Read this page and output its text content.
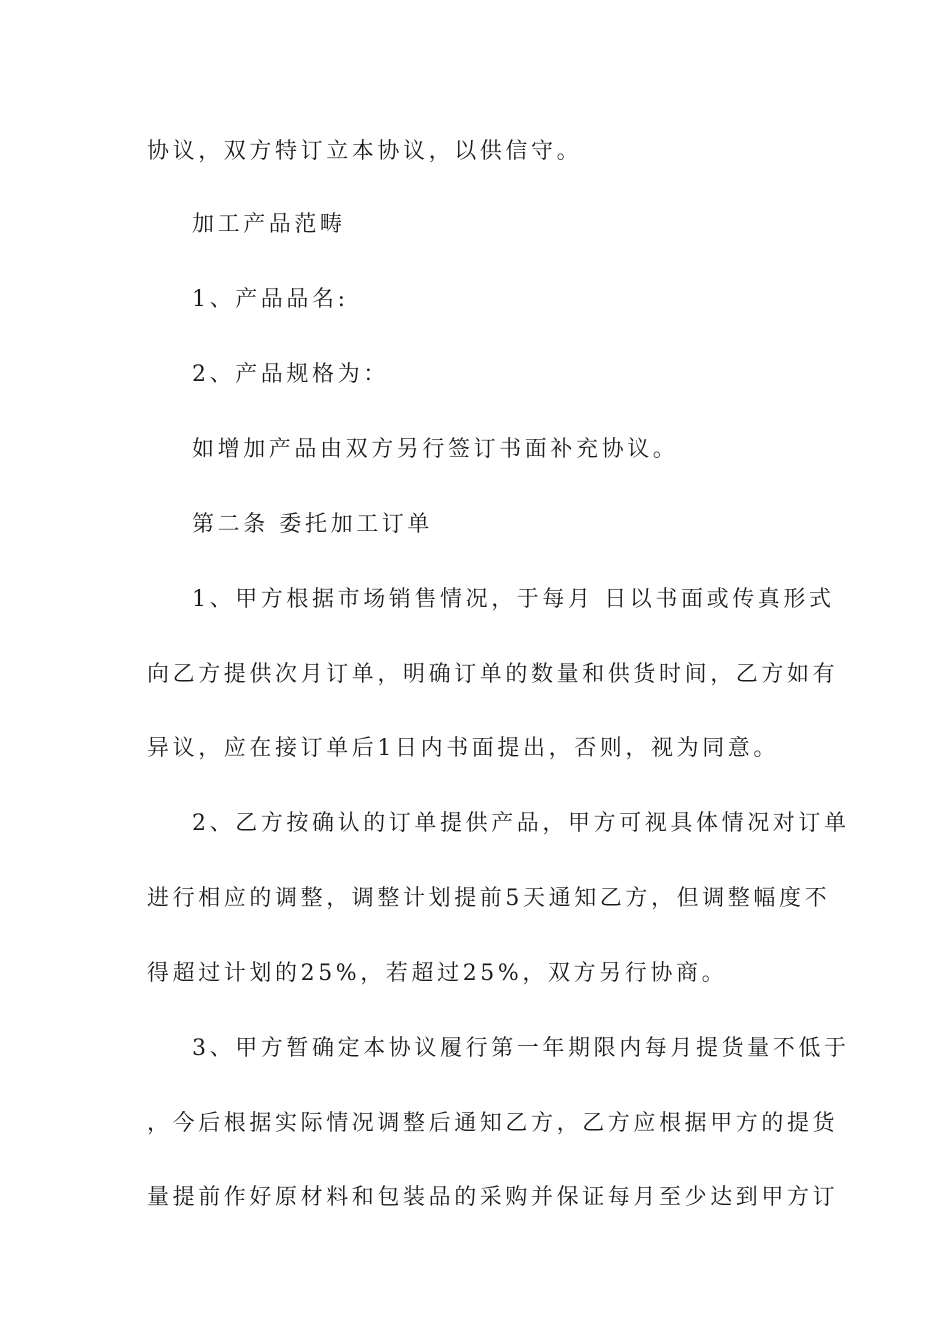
协议，双方特订立本协议，以供信守。
加工产品范畴
1、产品品名:
2、产品规格为：
如增加产品由双方另行签订书面补充协议。
第二条 委托加工订单
1、甲方根据市场销售情况，于每月 日以书面或传真形式
向乙方提供次月订单，明确订单的数量和供货时间，乙方如有
异议，应在接订单后1日内书面提出，否则，视为同意。
2、乙方按确认的订单提供产品，甲方可视具体情况对订单
进行相应的调整，调整计划提前5天通知乙方，但调整幅度不
得超过计划的25%，若超过25%，双方另行协商。
3、甲方暂确定本协议履行第一年期限内每月提货量不低于
，今后根据实际情况调整后通知乙方，乙方应根据甲方的提货
量提前作好原材料和包装品的采购并保证每月至少达到甲方订
